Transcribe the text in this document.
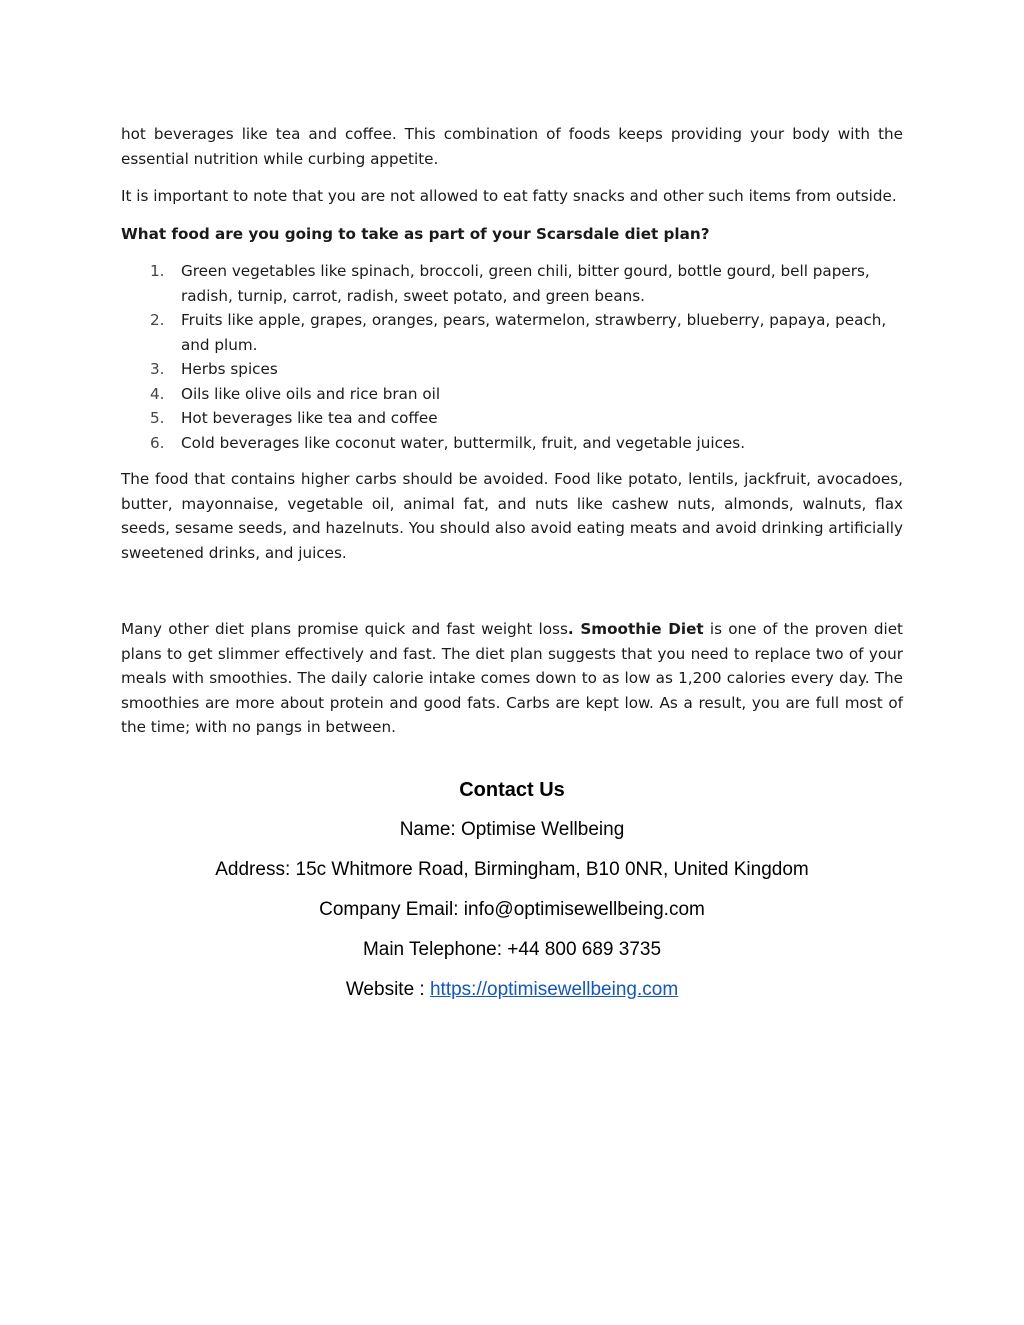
hot beverages like tea and coffee. This combination of foods keeps providing your body with the essential nutrition while curbing appetite.

It is important to note that you are not allowed to eat fatty snacks and other such items from outside.

What food are you going to take as part of your Scarsdale diet plan?

1. Green vegetables like spinach, broccoli, green chili, bitter gourd, bottle gourd, bell papers, radish, turnip, carrot, radish, sweet potato, and green beans.
2. Fruits like apple, grapes, oranges, pears, watermelon, strawberry, blueberry, papaya, peach, and plum.
3. Herbs spices
4. Oils like olive oils and rice bran oil
5. Hot beverages like tea and coffee
6. Cold beverages like coconut water, buttermilk, fruit, and vegetable juices.

The food that contains higher carbs should be avoided. Food like potato, lentils, jackfruit, avocadoes, butter, mayonnaise, vegetable oil, animal fat, and nuts like cashew nuts, almonds, walnuts, flax seeds, sesame seeds, and hazelnuts. You should also avoid eating meats and avoid drinking artificially sweetened drinks, and juices.

Many other diet plans promise quick and fast weight loss. Smoothie Diet is one of the proven diet plans to get slimmer effectively and fast. The diet plan suggests that you need to replace two of your meals with smoothies. The daily calorie intake comes down to as low as 1,200 calories every day. The smoothies are more about protein and good fats. Carbs are kept low. As a result, you are full most of the time; with no pangs in between.

Contact Us
Name: Optimise Wellbeing
Address: 15c Whitmore Road, Birmingham, B10 0NR, United Kingdom
Company Email: info@optimisewellbeing.com
Main Telephone: +44 800 689 3735
Website : https://optimisewellbeing.com
